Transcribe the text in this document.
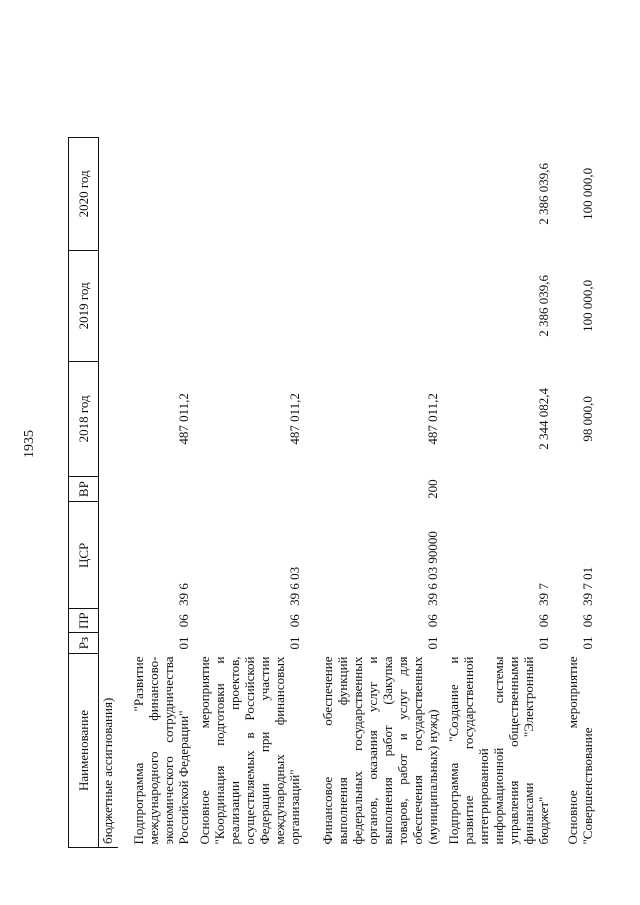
1935
Наименование	Рз	ПР	ЦСР	ВР	2018 год	2019 год	2020 год
бюджетные ассигнования)							
Подпрограмма "Развитие международного финансово-экономического сотрудничества Российской Федерации"	01	06	39 6		487 011,2		
Основное мероприятие "Координация подготовки и реализации проектов, осуществляемых в Российской Федерации при участии международных финансовых организаций"	01	06	39 6 03		487 011,2		
Финансовое обеспечение выполнения функций федеральных государственных органов, оказания услуг и выполнения работ (Закупка товаров, работ и услуг для обеспечения государственных (муниципальных) нужд)	01	06	39 6 03 90000	200	487 011,2		
Подпрограмма "Создание и развитие государственной интегрированной информационной системы управления общественными финансами "Электронный бюджет"	01	06	39 7		2 344 082,4	2 386 039,6	2 386 039,6
Основное мероприятие "Совершенствование	01	06	39 7 01		98 000,0	100 000,0	100 000,0
